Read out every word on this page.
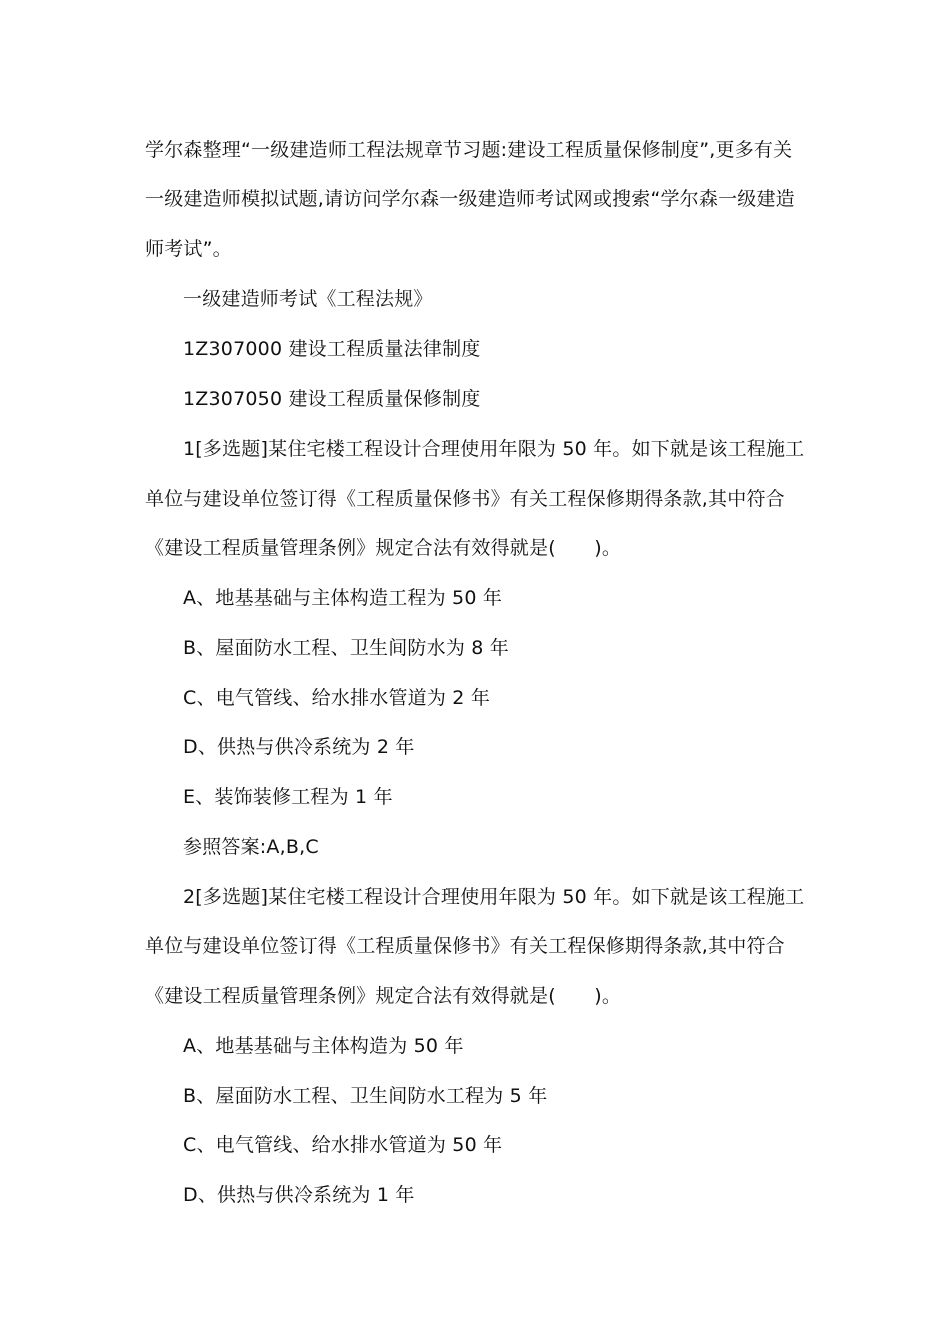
学尔森整理“一级建造师工程法规章节习题:建设工程质量保修制度”,更多有关
一级建造师模拟试题,请访问学尔森一级建造师考试网或搜索“学尔森一级建造
师考试”。
一级建造师考试《工程法规》
1Z307000 建设工程质量法律制度
1Z307050 建设工程质量保修制度
1[多选题]某住宅楼工程设计合理使用年限为 50 年。如下就是该工程施工
单位与建设单位签订得《工程质量保修书》有关工程保修期得条款,其中符合
《建设工程质量管理条例》规定合法有效得就是(　　)。
A、地基基础与主体构造工程为 50 年
B、屋面防水工程、卫生间防水为 8 年
C、电气管线、给水排水管道为 2 年
D、供热与供冷系统为 2 年
E、装饰装修工程为 1 年
参照答案:A,B,C
2[多选题]某住宅楼工程设计合理使用年限为 50 年。如下就是该工程施工
单位与建设单位签订得《工程质量保修书》有关工程保修期得条款,其中符合
《建设工程质量管理条例》规定合法有效得就是(　　)。
A、地基基础与主体构造为 50 年
B、屋面防水工程、卫生间防水工程为 5 年
C、电气管线、给水排水管道为 50 年
D、供热与供冷系统为 1 年
